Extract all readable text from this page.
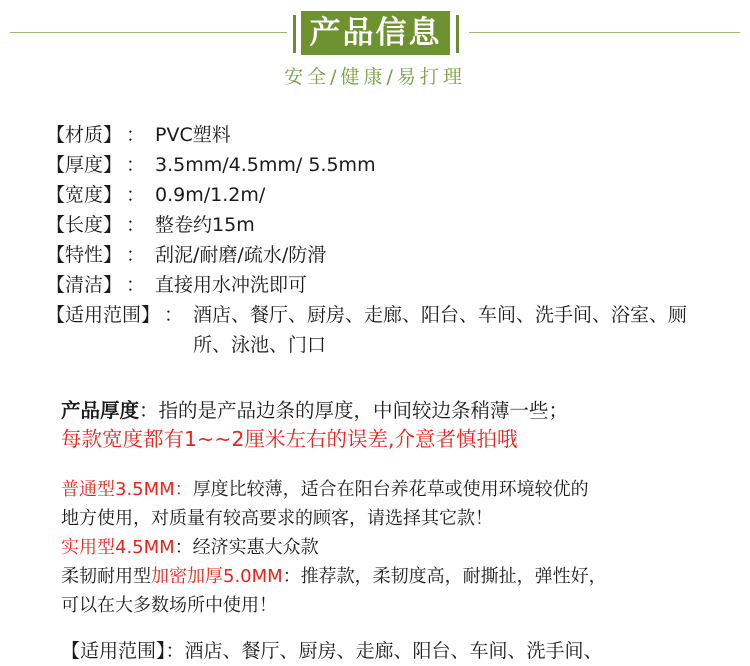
产品信息
安全/健康/易打理
【材质】 ： PVC塑料
【厚度】 ： 3.5mm/4.5mm/ 5.5mm
【宽度】 ： 0.9m/1.2m/
【长度】 ： 整卷约15m
【特性】 ： 刮泥/耐磨/疏水/防滑
【清洁】 ： 直接用水冲洗即可
【适用范围】 ： 酒店、餐厅、厨房、走廊、阳台、车间、洗手间、浴室、厕所、泳池、门口
产品厚度：指的是产品边条的厚度，中间较边条稍薄一些；
每款宽度都有1~~2厘米左右的误差,介意者慎拍哦
普通型3.5MM：厚度比较薄，适合在阳台养花草或使用环境较优的
地方使用，对质量有较高要求的顾客，请选择其它款！
实用型4.5MM：经济实惠大众款
柔韧耐用型加密加厚5.0MM：推荐款，柔韧度高，耐撕扯，弹性好，
可以在大多数场所中使用！
【适用范围】：酒店、餐厅、厨房、走廊、阳台、车间、洗手间、
